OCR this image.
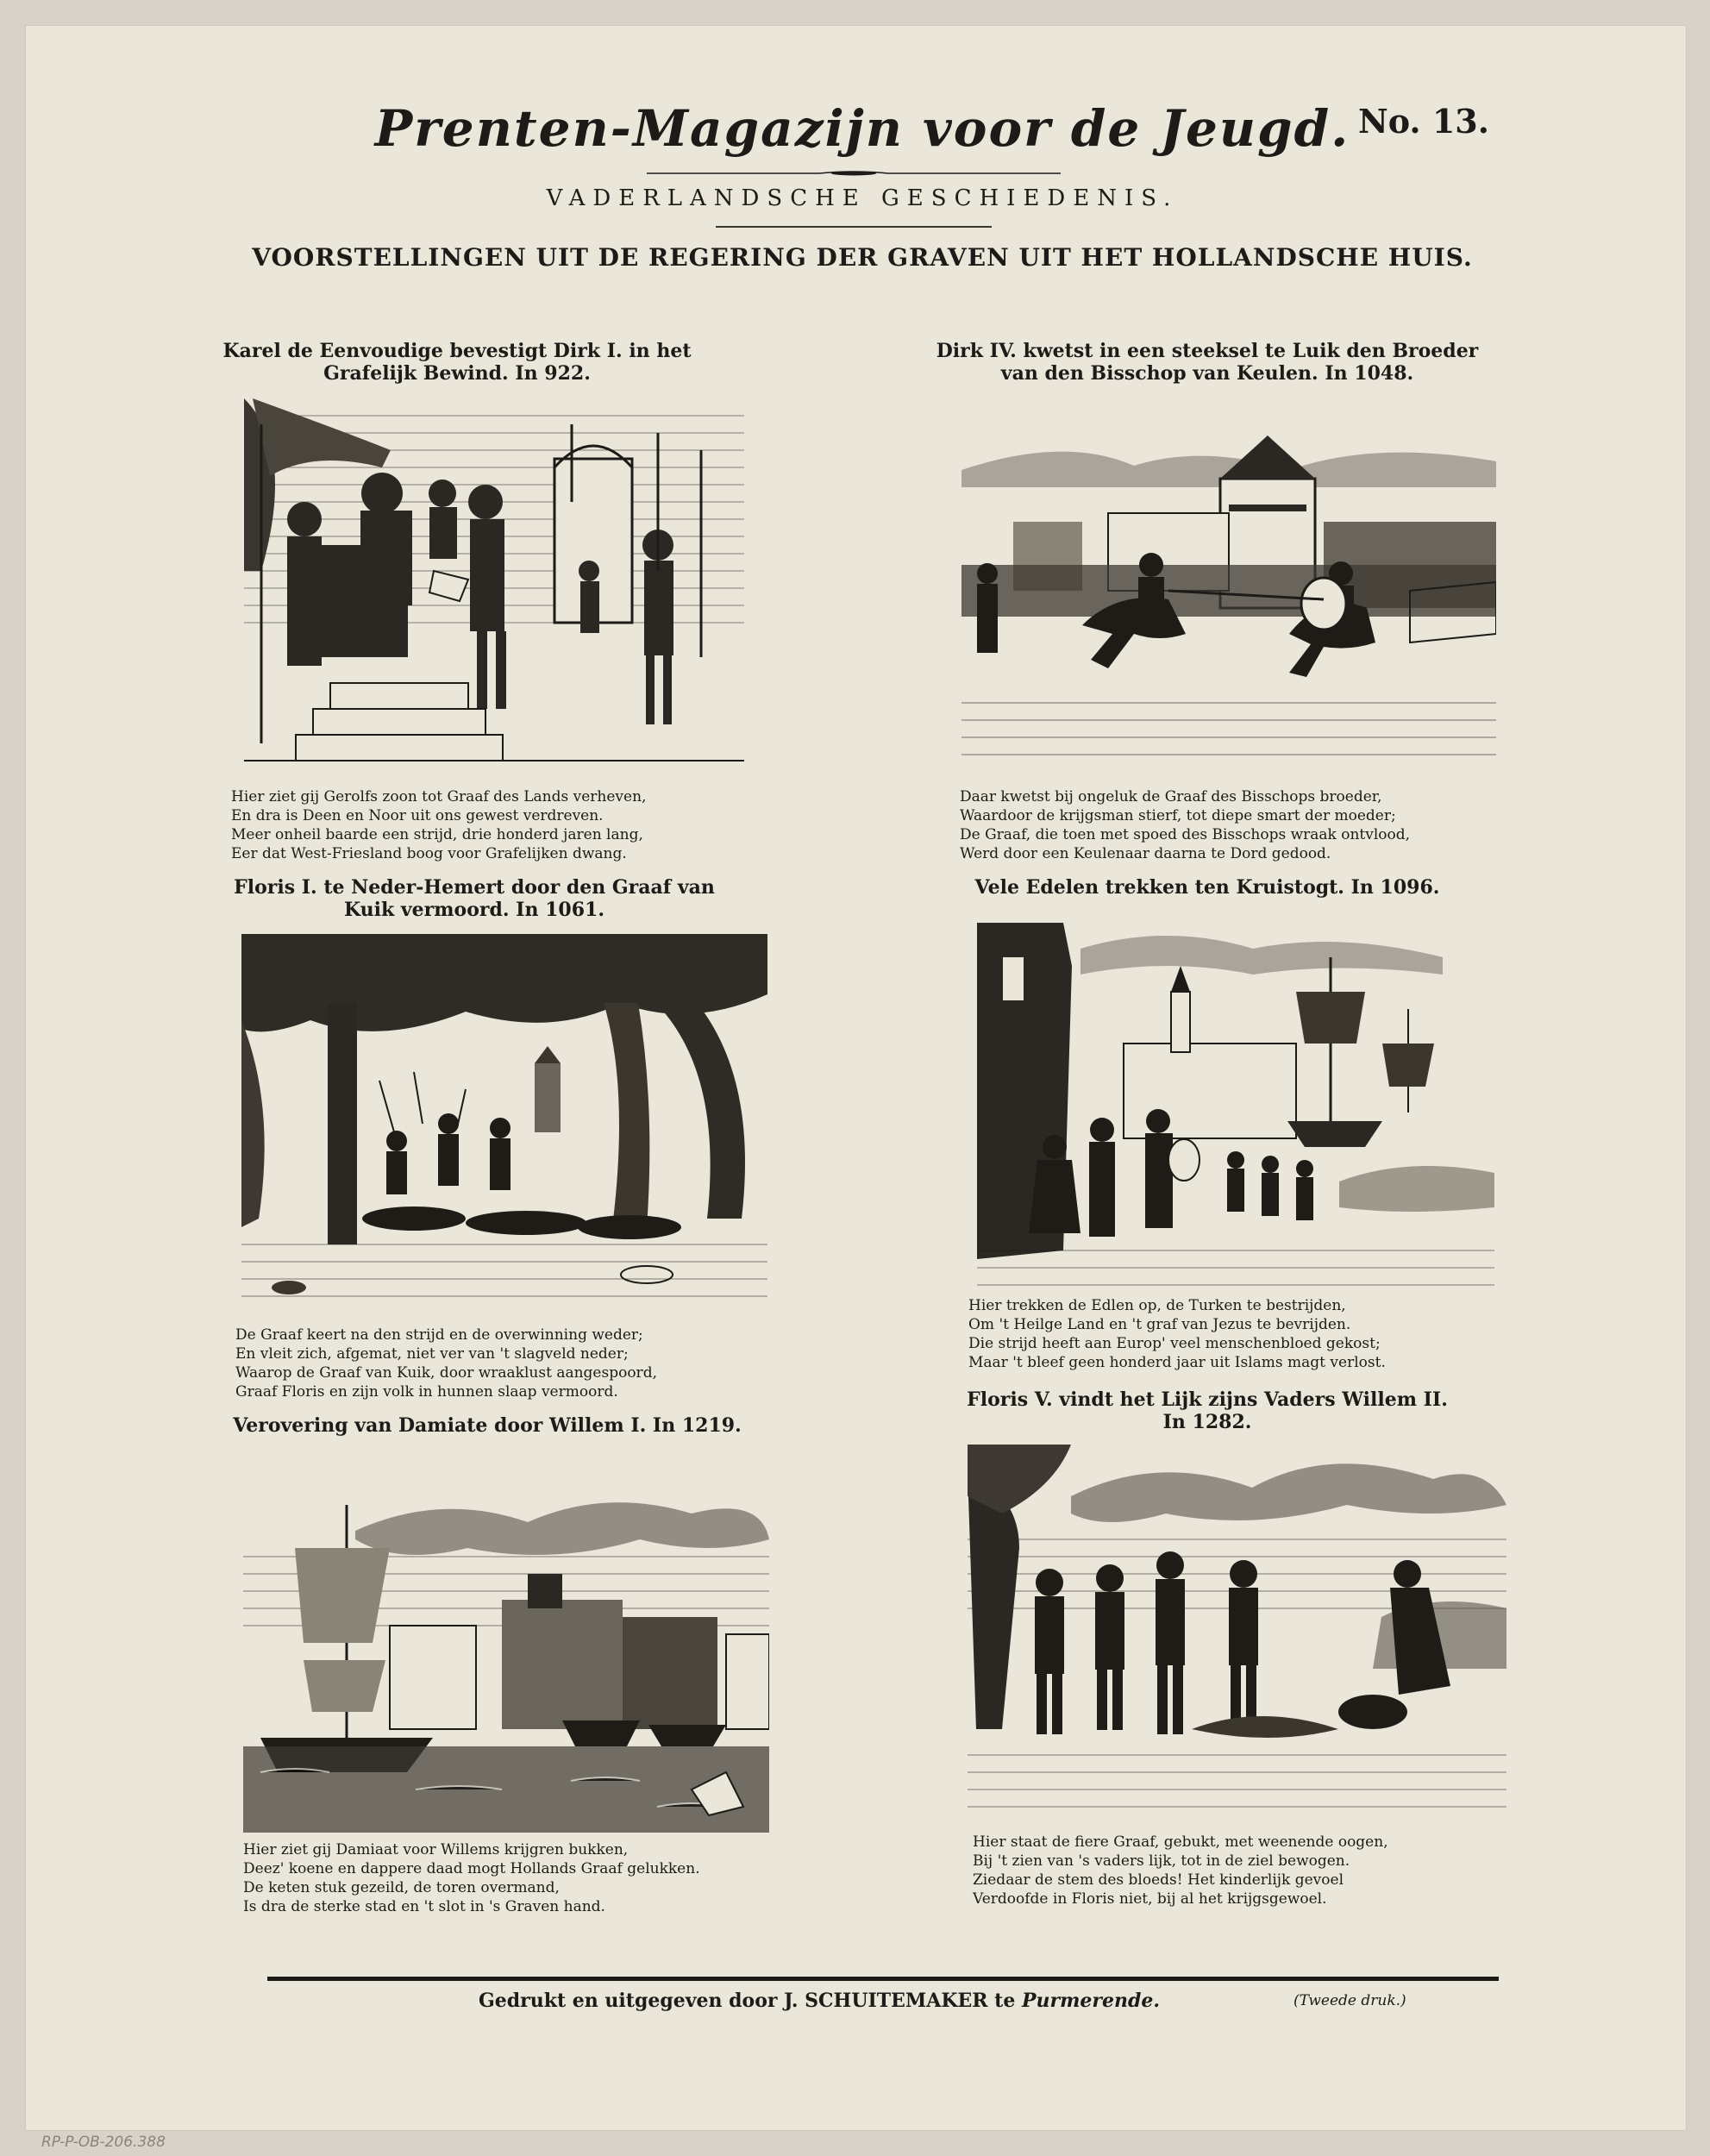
Prenten-Magazijn voor de Jeugd. No. 13.
VADERLANDSCHE GESCHIEDENIS.
VOORSTELLINGEN UIT DE REGERING DER GRAVEN UIT HET HOLLANDSCHE HUIS.
Karel de Eenvoudige bevestigt Dirk I. in het
Grafelijk Bewind. In 922.
Hier ziet gij Gerolfs zoon tot Graaf des Lands verheven,
En dra is Deen en Noor uit ons gewest verdreven.
Meer onheil baarde een strijd, drie honderd jaren lang,
Eer dat West-Friesland boog voor Grafelijken dwang.
Dirk IV. kwetst in een steeksel te Luik den Broeder
van den Bisschop van Keulen. In 1048.
Daar kwetst bij ongeluk de Graaf des Bisschops broeder,
Waardoor de krijgsman stierf, tot diepe smart der moeder;
De Graaf, die toen met spoed des Bisschops wraak ontvlood,
Werd door een Keulenaar daarna te Dord gedood.
Floris I. te Neder-Hemert door den Graaf van
Kuik vermoord. In 1061.
De Graaf keert na den strijd en de overwinning weder;
En vleit zich, afgemat, niet ver van 't slagveld neder;
Waarop de Graaf van Kuik, door wraaklust aangespoord,
Graaf Floris en zijn volk in hunnen slaap vermoord.
Vele Edelen trekken ten Kruistogt. In 1096.
Hier trekken de Edlen op, de Turken te bestrijden,
Om 't Heilge Land en 't graf van Jezus te bevrijden.
Die strijd heeft aan Europ' veel menschenbloed gekost;
Maar 't bleef geen honderd jaar uit Islams magt verlost.
Verovering van Damiate door Willem I. In 1219.
Hier ziet gij Damiaat voor Willems krijgren bukken,
Deez' koene en dappere daad mogt Hollands Graaf gelukken.
De keten stuk gezeild, de toren overmand,
Is dra de sterke stad en 't slot in 's Graven hand.
Floris V. vindt het Lijk zijns Vaders Willem II.
In 1282.
Hier staat de fiere Graaf, gebukt, met weenende oogen,
Bij 't zien van 's vaders lijk, tot in de ziel bewogen.
Ziedaar de stem des bloeds! Het kinderlijk gevoel
Verdoofde in Floris niet, bij al het krijgsgewoel.
Gedrukt en uitgegeven door J. SCHUITEMAKER te Purmerende.	(Tweede druk.)
RP-P-OB-206.388
